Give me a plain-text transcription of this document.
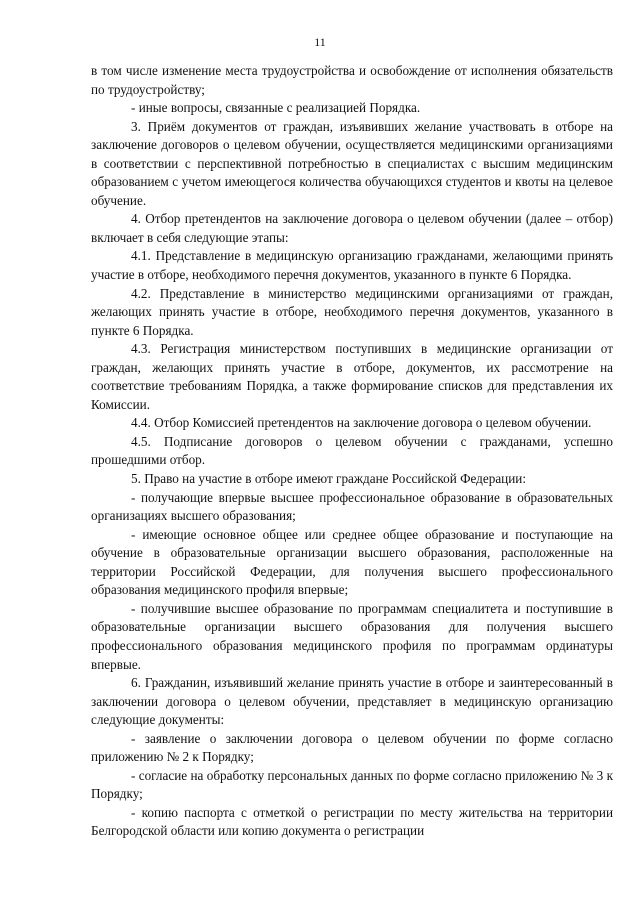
11

в том числе изменение места трудоустройства и освобождение от исполнения обязательств по трудоустройству;

- иные вопросы, связанные с реализацией Порядка.

3. Приём документов от граждан, изъявивших желание участвовать в отборе на заключение договоров о целевом обучении, осуществляется медицинскими организациями в соответствии с перспективной потребностью в специалистах с высшим медицинским образованием с учетом имеющегося количества обучающихся студентов и квоты на целевое обучение.

4. Отбор претендентов на заключение договора о целевом обучении (далее – отбор) включает в себя следующие этапы:

4.1. Представление в медицинскую организацию гражданами, желающими принять участие в отборе, необходимого перечня документов, указанного в пункте 6 Порядка.

4.2. Представление в министерство медицинскими организациями от граждан, желающих принять участие в отборе, необходимого перечня документов, указанного в пункте 6 Порядка.

4.3. Регистрация министерством поступивших в медицинские организации от граждан, желающих принять участие в отборе, документов, их рассмотрение на соответствие требованиям Порядка, а также формирование списков для представления их Комиссии.

4.4. Отбор Комиссией претендентов на заключение договора о целевом обучении.

4.5. Подписание договоров о целевом обучении с гражданами, успешно прошедшими отбор.

5. Право на участие в отборе имеют граждане Российской Федерации:

- получающие впервые высшее профессиональное образование в образовательных организациях высшего образования;

- имеющие основное общее или среднее общее образование и поступающие на обучение в образовательные организации высшего образования, расположенные на территории Российской Федерации, для получения высшего профессионального образования медицинского профиля впервые;

- получившие высшее образование по программам специалитета и поступившие в образовательные организации высшего образования для получения высшего профессионального образования медицинского профиля по программам ординатуры впервые.

6. Гражданин, изъявивший желание принять участие в отборе и заинтересованный в заключении договора о целевом обучении, представляет в медицинскую организацию следующие документы:

- заявление о заключении договора о целевом обучении по форме согласно приложению № 2 к Порядку;

- согласие на обработку персональных данных по форме согласно приложению № 3 к Порядку;

- копию паспорта с отметкой о регистрации по месту жительства на территории Белгородской области или копию документа о регистрации
